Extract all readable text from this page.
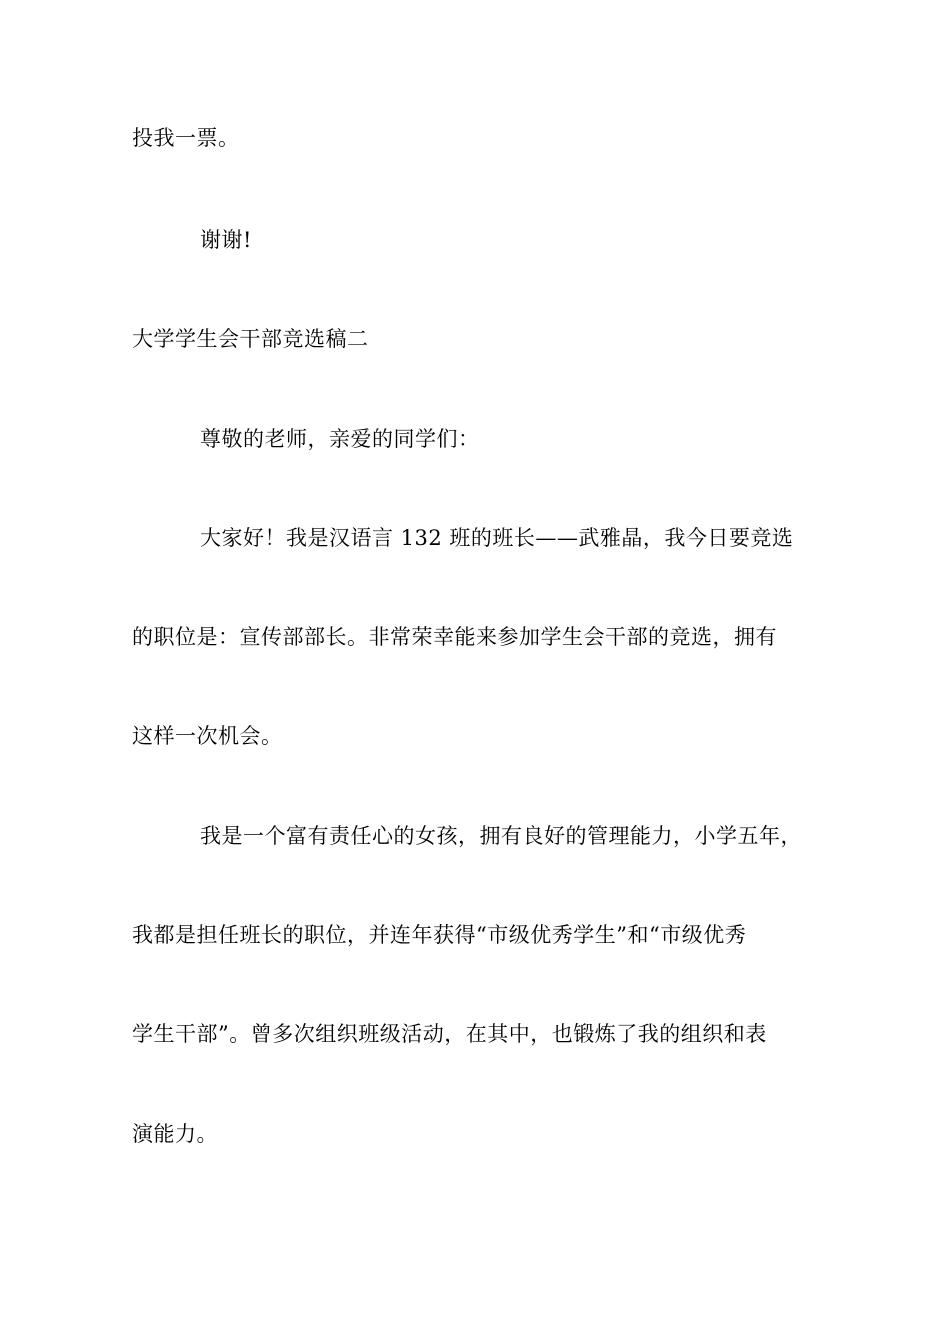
投我一票。
谢谢!
大学学生会干部竞选稿二
尊敬的老师，亲爱的同学们：
大家好！我是汉语言 132 班的班长——武雅晶，我今日要竞选
的职位是：宣传部部长。非常荣幸能来参加学生会干部的竞选，拥有
这样一次机会。
我是一个富有责任心的女孩，拥有良好的管理能力，小学五年，
我都是担任班长的职位，并连年获得“市级优秀学生”和“市级优秀
学生干部”。曾多次组织班级活动，在其中，也锻炼了我的组织和表
演能力。
